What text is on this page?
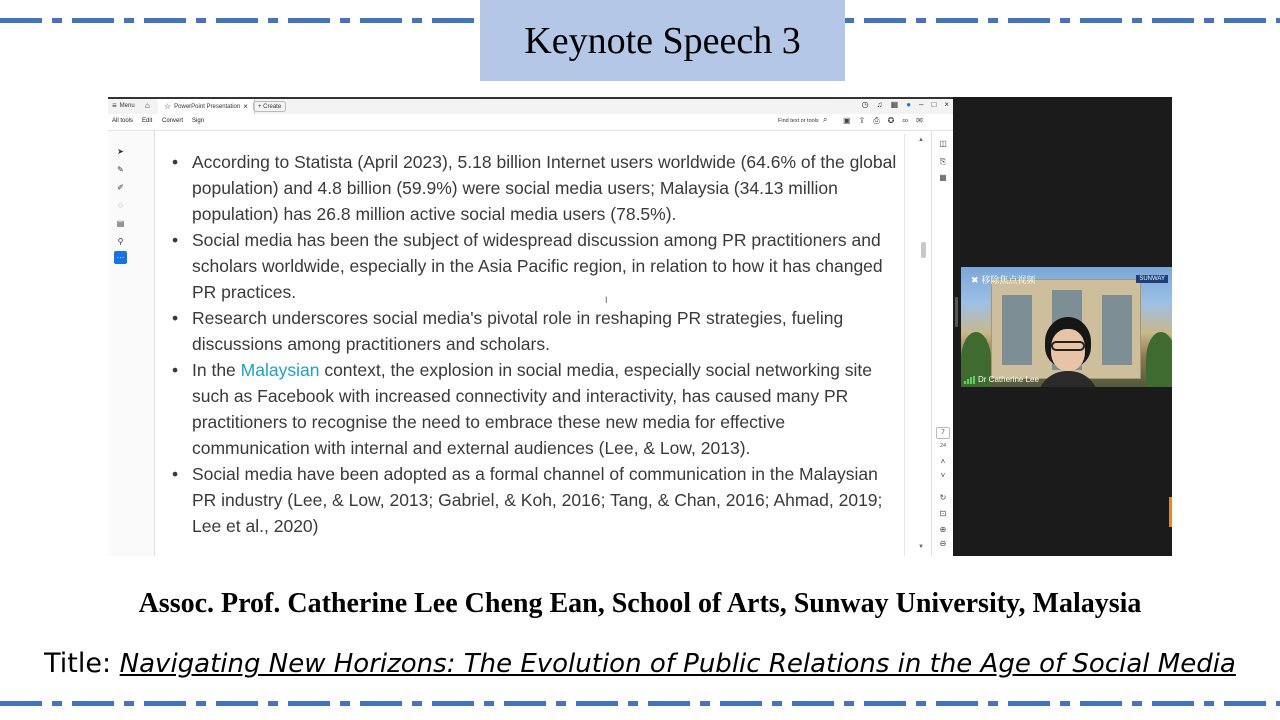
Keynote Speech 3
≡ Menu ⌂ ☆ PowerPoint Presentation × + Create	◷ ♫ ▦ ● – □ ×
All tools Edit Convert Sign	Find text or tools ⌕ ▣ ⇪ ⎙ ✪ ∞ ✉
➤
✎
✐
◌
▤
⚲
···
• According to Statista (April 2023), 5.18 billion Internet users worldwide (64.6% of the global population) and 4.8 billion (59.9%) were social media users; Malaysia (34.13 million population) has 26.8 million active social media users (78.5%).
• Social media has been the subject of widespread discussion among PR practitioners and scholars worldwide, especially in the Asia Pacific region, in relation to how it has changed PR practices.
• Research underscores social media's pivotal role in reshaping PR strategies, fueling discussions among practitioners and scholars.
• In the Malaysian context, the explosion in social media, especially social networking site such as Facebook with increased connectivity and interactivity, has caused many PR practitioners to recognise the need to embrace these new media for effective communication with internal and external audiences (Lee, & Low, 2013).
• Social media have been adopted as a formal channel of communication in the Malaysian PR industry (Lee, & Low, 2013; Gabriel, & Koh, 2016; Tang, & Chan, 2016; Ahmad, 2019; Lee et al., 2020)
I
▲
▼
◫
⎘
▦
7
24
˄
˅
↻
⊡
⊕
⊖
✖ 移除焦点视频	SUNWAY
Dr Catherine Lee
Assoc. Prof. Catherine Lee Cheng Ean, School of Arts, Sunway University, Malaysia
Title: Navigating New Horizons: The Evolution of Public Relations in the Age of Social Media
